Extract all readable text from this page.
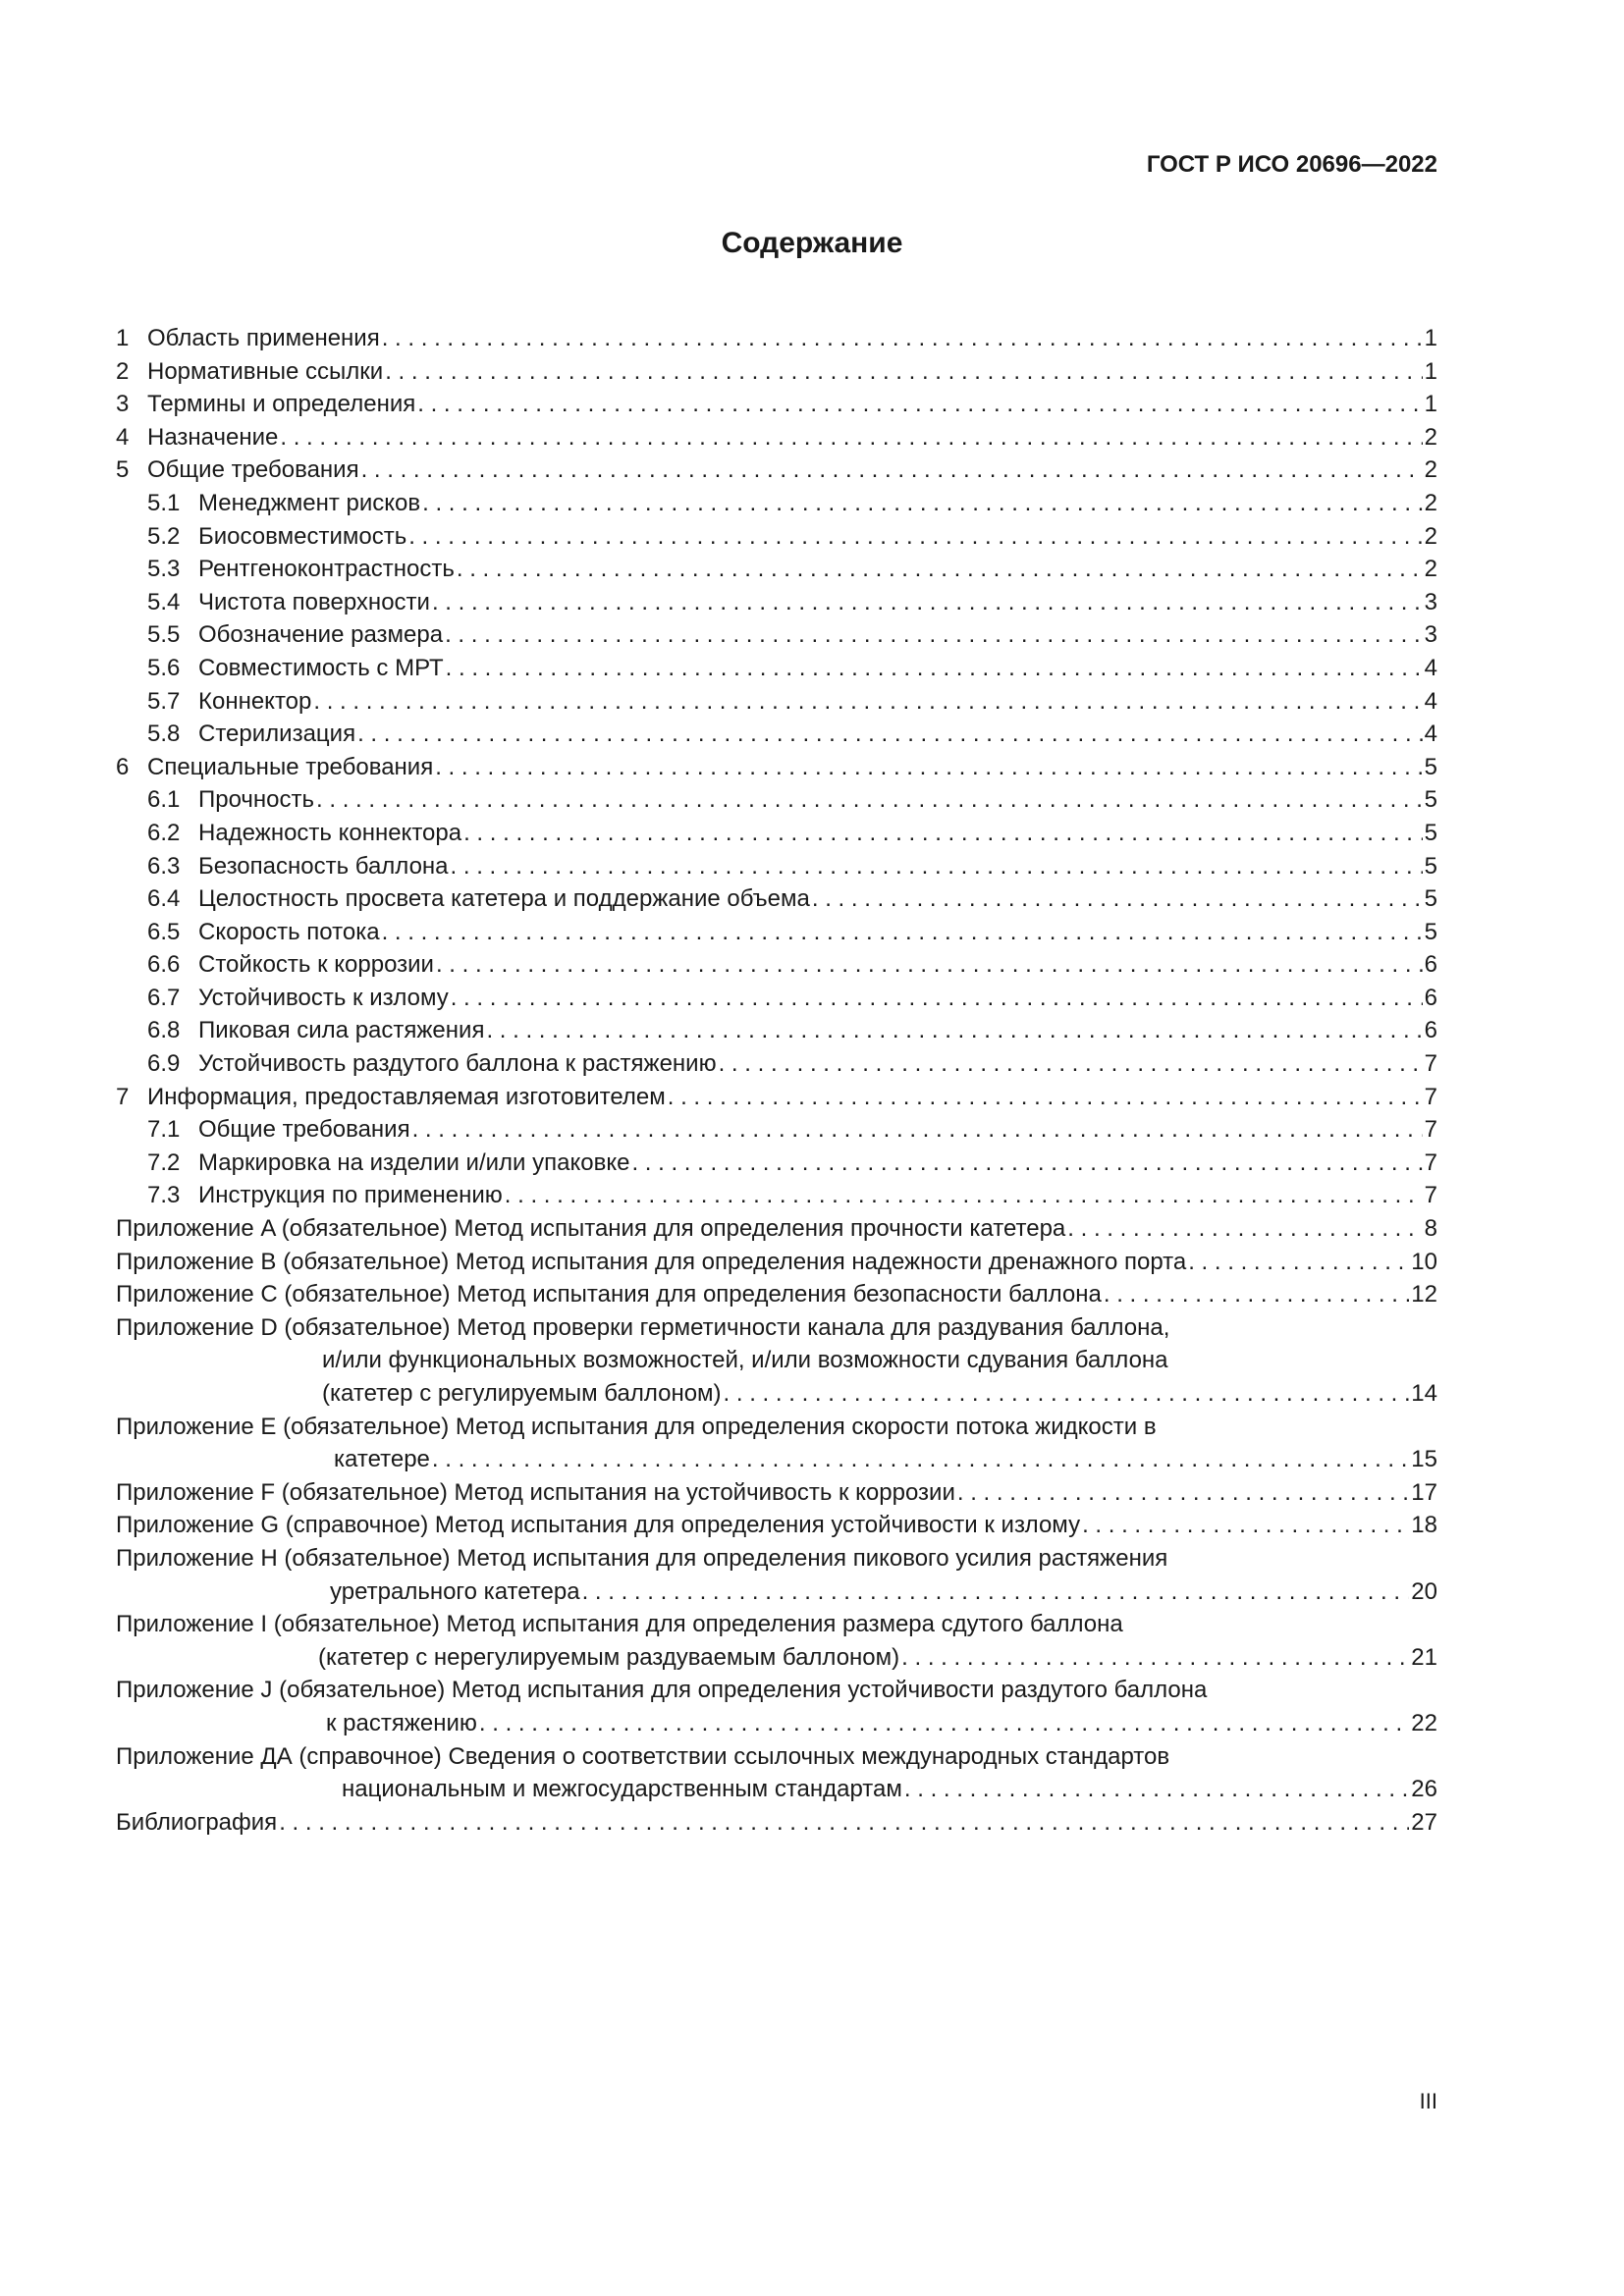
ГОСТ Р ИСО 20696—2022
Содержание
1 Область применения . . .	1
2 Нормативные ссылки . . .	1
3 Термины и определения . . .	1
4 Назначение . . .	2
5 Общие требования . . .	2
5.1 Менеджмент рисков . . .	2
5.2 Биосовместимость . . .	2
5.3 Рентгеноконтрастность . . .	2
5.4 Чистота поверхности . . .	3
5.5 Обозначение размера . . .	3
5.6 Совместимость с МРТ . . .	4
5.7 Коннектор . . .	4
5.8 Стерилизация . . .	4
6 Специальные требования . . .	5
6.1 Прочность . . .	5
6.2 Надежность коннектора . . .	5
6.3 Безопасность баллона . . .	5
6.4 Целостность просвета катетера и поддержание объема . . .	5
6.5 Скорость потока . . .	5
6.6 Стойкость к коррозии . . .	6
6.7 Устойчивость к излому . . .	6
6.8 Пиковая сила растяжения . . .	6
6.9 Устойчивость раздутого баллона к растяжению . . .	7
7 Информация, предоставляемая изготовителем . . .	7
7.1 Общие требования . . .	7
7.2 Маркировка на изделии и/или упаковке . . .	7
7.3 Инструкция по применению . . .	7
Приложение A (обязательное) Метод испытания для определения прочности катетера . . .	8
Приложение B (обязательное) Метод испытания для определения надежности дренажного порта . . .	10
Приложение C (обязательное) Метод испытания для определения безопасности баллона . . .	12
Приложение D (обязательное) Метод проверки герметичности канала для раздувания баллона,
и/или функциональных возможностей, и/или возможности сдувания баллона
(катетер с регулируемым баллоном) . . .	14
Приложение E (обязательное) Метод испытания для определения скорости потока жидкости в
катетере . . .	15
Приложение F (обязательное) Метод испытания на устойчивость к коррозии . . .	17
Приложение G (справочное) Метод испытания для определения устойчивости к излому . . .	18
Приложение H (обязательное) Метод испытания для определения пикового усилия растяжения
уретрального катетера . . .	20
Приложение I (обязательное) Метод испытания для определения размера сдутого баллона
(катетер с нерегулируемым раздуваемым баллоном) . . .	21
Приложение J (обязательное) Метод испытания для определения устойчивости раздутого баллона
к растяжению . . .	22
Приложение ДА (справочное) Сведения о соответствии ссылочных международных стандартов
национальным и межгосударственным стандартам . . .	26
Библиография . . .	27
III
